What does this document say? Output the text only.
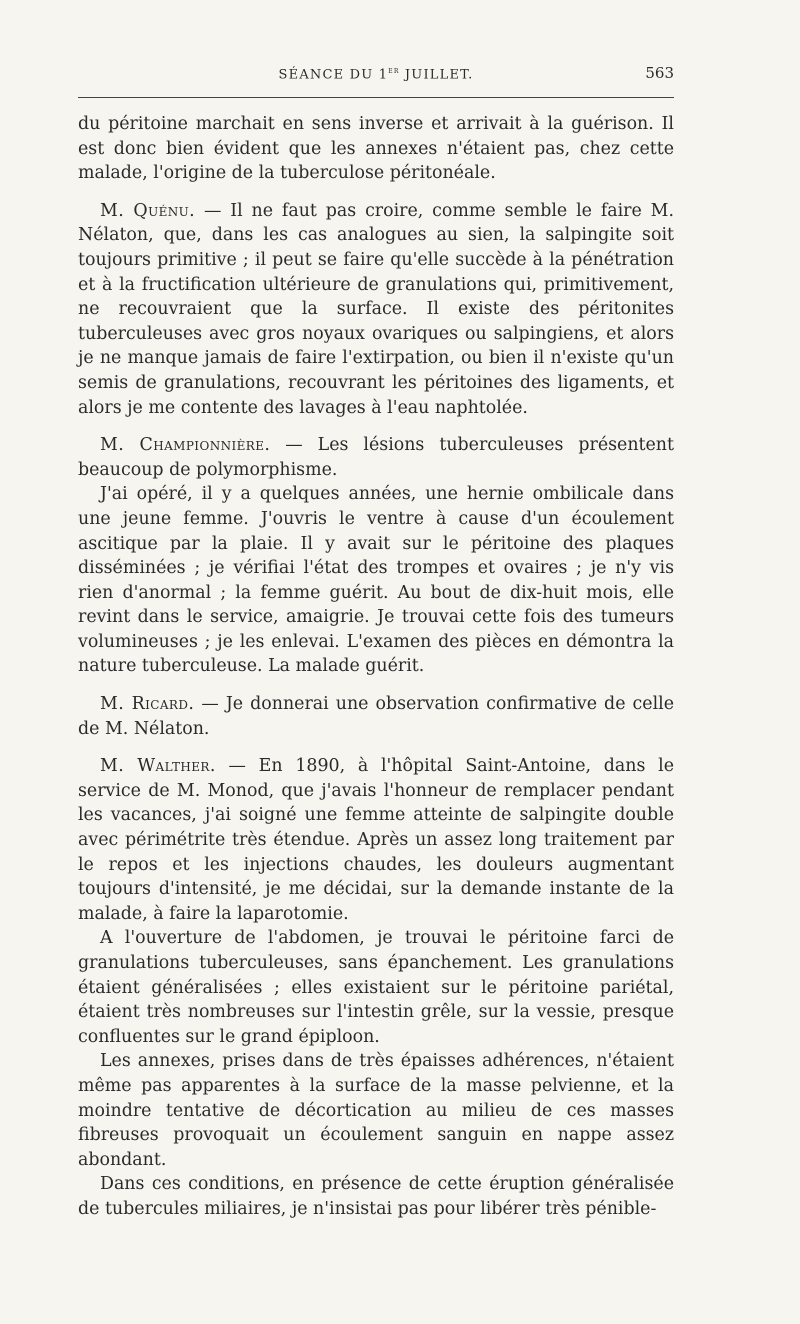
SÉANCE DU 1er JUILLET.	563

du péritoine marchait en sens inverse et arrivait à la guérison. Il est donc bien évident que les annexes n'étaient pas, chez cette malade, l'origine de la tuberculose péritonéale.

M. Quénu. — Il ne faut pas croire, comme semble le faire M. Nélaton, que, dans les cas analogues au sien, la salpingite soit toujours primitive ; il peut se faire qu'elle succède à la pénétration et à la fructification ultérieure de granulations qui, primitivement, ne recouvraient que la surface. Il existe des péritonites tuberculeuses avec gros noyaux ovariques ou salpingiens, et alors je ne manque jamais de faire l'extirpation, ou bien il n'existe qu'un semis de granulations, recouvrant les péritoines des ligaments, et alors je me contente des lavages à l'eau naphtolée.

M. Championnière. — Les lésions tuberculeuses présentent beaucoup de polymorphisme.

J'ai opéré, il y a quelques années, une hernie ombilicale dans une jeune femme. J'ouvris le ventre à cause d'un écoulement ascitique par la plaie. Il y avait sur le péritoine des plaques disséminées ; je vérifiai l'état des trompes et ovaires ; je n'y vis rien d'anormal ; la femme guérit. Au bout de dix-huit mois, elle revint dans le service, amaigrie. Je trouvai cette fois des tumeurs volumineuses ; je les enlevai. L'examen des pièces en démontra la nature tuberculeuse. La malade guérit.

M. Ricard. — Je donnerai une observation confirmative de celle de M. Nélaton.

M. Walther. — En 1890, à l'hôpital Saint-Antoine, dans le service de M. Monod, que j'avais l'honneur de remplacer pendant les vacances, j'ai soigné une femme atteinte de salpingite double avec périmétrite très étendue. Après un assez long traitement par le repos et les injections chaudes, les douleurs augmentant toujours d'intensité, je me décidai, sur la demande instante de la malade, à faire la laparotomie.

A l'ouverture de l'abdomen, je trouvai le péritoine farci de granulations tuberculeuses, sans épanchement. Les granulations étaient généralisées ; elles existaient sur le péritoine pariétal, étaient très nombreuses sur l'intestin grêle, sur la vessie, presque confluentes sur le grand épiploon.

Les annexes, prises dans de très épaisses adhérences, n'étaient même pas apparentes à la surface de la masse pelvienne, et la moindre tentative de décortication au milieu de ces masses fibreuses provoquait un écoulement sanguin en nappe assez abondant.

Dans ces conditions, en présence de cette éruption généralisée de tubercules miliaires, je n'insistai pas pour libérer très pénible-
